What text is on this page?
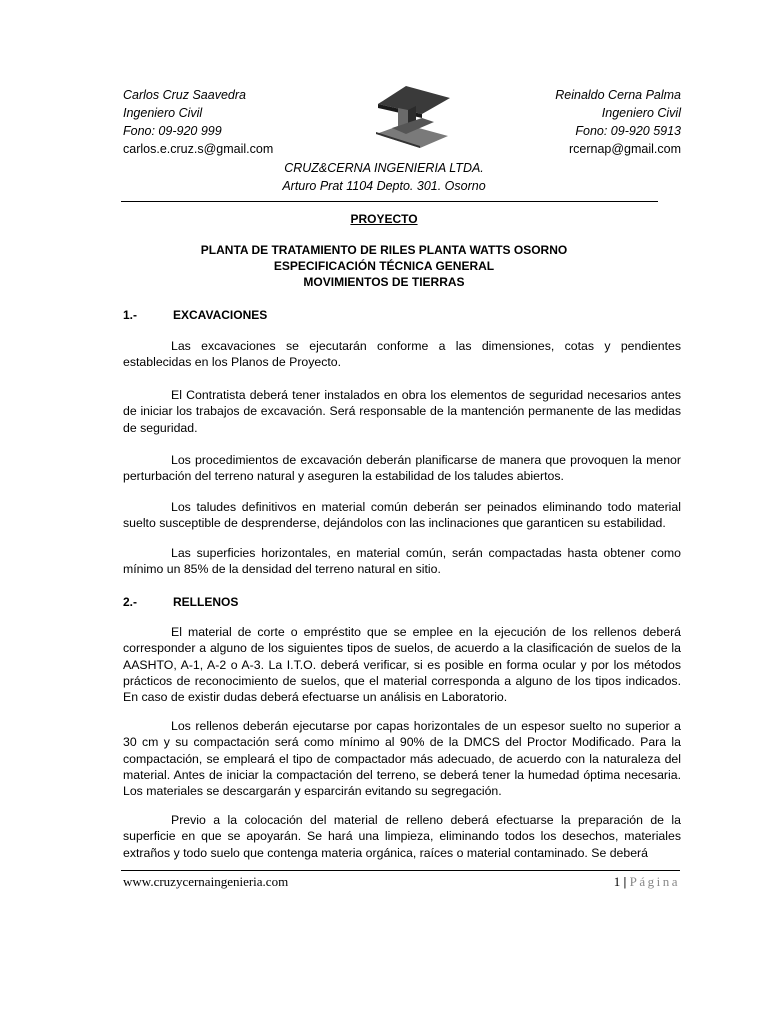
Carlos Cruz Saavedra
Ingeniero Civil
Fono: 09-920 999
carlos.e.cruz.s@gmail.com
Reinaldo Cerna Palma
Ingeniero Civil
Fono: 09-920 5913
rcernap@gmail.com
CRUZ&CERNA INGENIERIA LTDA.
Arturo Prat 1104 Depto. 301. Osorno
PROYECTO
PLANTA DE TRATAMIENTO DE RILES PLANTA WATTS OSORNO
ESPECIFICACIÓN TÉCNICA GENERAL
MOVIMIENTOS DE TIERRAS
1.-	EXCAVACIONES

Las excavaciones se ejecutarán conforme a las dimensiones, cotas y pendientes establecidas en los Planos de Proyecto.

El Contratista deberá tener instalados en obra los elementos de seguridad necesarios antes de iniciar los trabajos de excavación. Será responsable de la mantención permanente de las medidas de seguridad.

Los procedimientos de excavación deberán planificarse de manera que provoquen la menor perturbación del terreno natural y aseguren la estabilidad de los taludes abiertos.

Los taludes definitivos en material común deberán ser peinados eliminando todo material suelto susceptible de desprenderse, dejándolos con las inclinaciones que garanticen su estabilidad.

Las superficies horizontales, en material común, serán compactadas hasta obtener como mínimo un 85% de la densidad del terreno natural en sitio.

2.-	RELLENOS

El material de corte o empréstito que se emplee en la ejecución de los rellenos deberá corresponder a alguno de los siguientes tipos de suelos, de acuerdo a la clasificación de suelos de la AASHTO, A-1, A-2 o A-3. La I.T.O. deberá verificar, si es posible en forma ocular y por los métodos prácticos de reconocimiento de suelos, que el material corresponda a alguno de los tipos indicados. En caso de existir dudas deberá efectuarse un análisis en Laboratorio.

Los rellenos deberán ejecutarse por capas horizontales de un espesor suelto no superior a 30 cm y su compactación será como mínimo al 90% de la DMCS del Proctor Modificado. Para la compactación, se empleará el tipo de compactador más adecuado, de acuerdo con la naturaleza del material. Antes de iniciar la compactación del terreno, se deberá tener la humedad óptima necesaria. Los materiales se descargarán y esparcirán evitando su segregación.

Previo a la colocación del material de relleno deberá efectuarse la preparación de la superficie en que se apoyarán. Se hará una limpieza, eliminando todos los desechos, materiales extraños y todo suelo que contenga materia orgánica, raíces o material contaminado. Se deberá

www.cruzycernaingenieria.com	1 | Página
